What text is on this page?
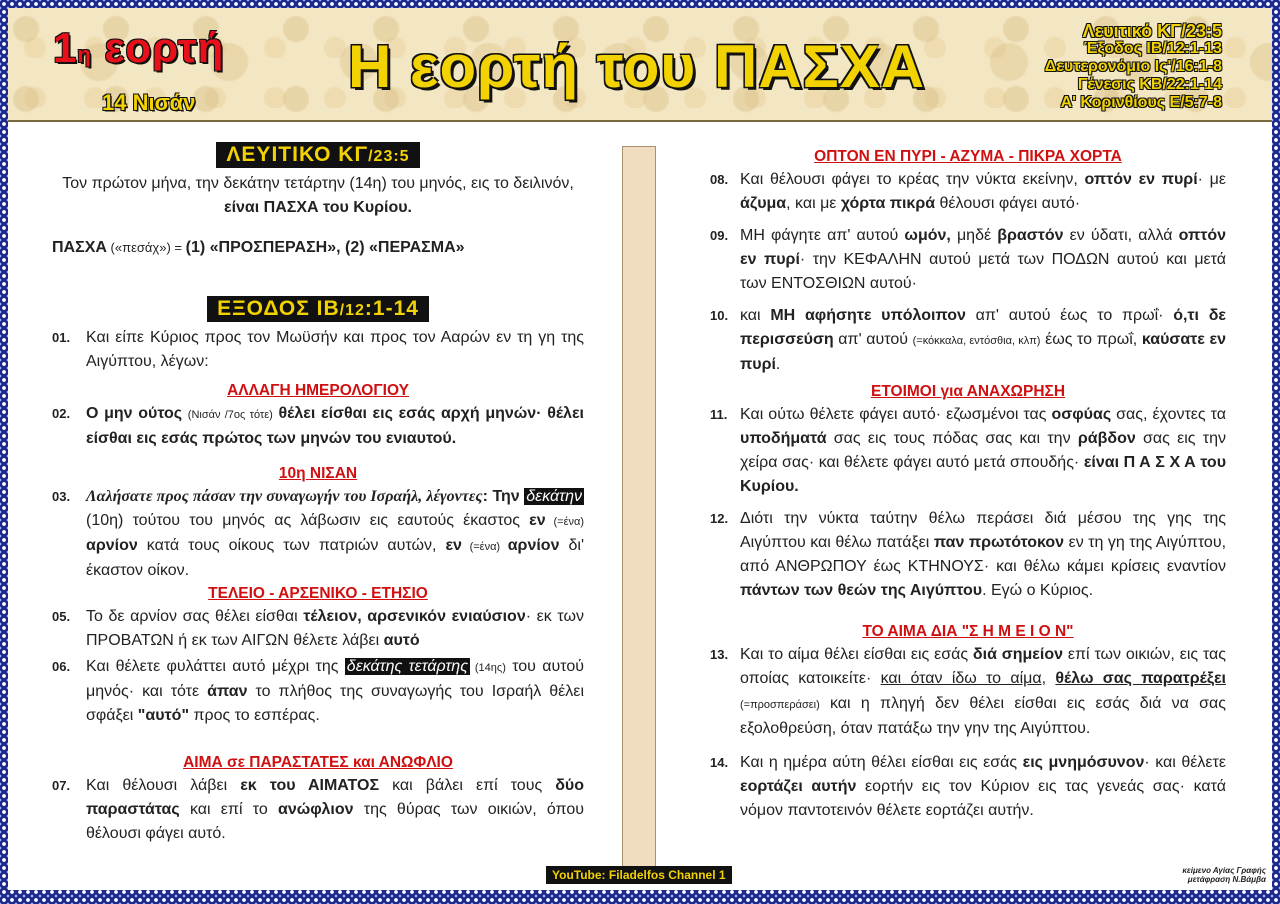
1η εορτή
14 Νισάν
Η εορτή του ΠΑΣΧΑ
Λευιτικό ΚΓ/23:5
Έξοδος ΙΒ/12:1-13
Δευτερονόμιο Ις'/16:1-8
Γένεσις ΚΒ/22:1-14
Α' Κορινθίους Ε/5:7-8
ΛΕΥΙΤΙΚΟ ΚΓ/23:5

Τον πρώτον μήνα, την δεκάτην τετάρτην (14η) του μηνός, εις το δειλινόν, είναι ΠΑΣΧΑ του Κυρίου.

ΠΑΣΧΑ («πεσάχ») = (1) «ΠΡΟΣΠΕΡΑΣΗ», (2) «ΠΕΡΑΣΜΑ»

ΕΞΟΔΟΣ ΙΒ/12:1-14
01. Και είπε Κύριος προς τον Μωϋσήν και προς τον Ααρών εν τη γη της Αιγύπτου, λέγων:
ΑΛΛΑΓΗ ΗΜΕΡΟΛΟΓΙΟΥ
02. Ο μην ούτος (Νισάν /7ος τότε) θέλει είσθαι εις εσάς αρχή μηνών· θέλει είσθαι εις εσάς πρώτος των μηνών του ενιαυτού.
10η ΝΙΣΑΝ
03. Λαλήσατε προς πάσαν την συναγωγήν του Ισραήλ, λέγοντες: Την δεκάτην (10η) τούτου του μηνός ας λάβωσιν εις εαυτούς έκαστος εν (=ένα) αρνίον κατά τους οίκους των πατριών αυτών, εν (=ένα) αρνίον δι' έκαστον οίκον.
ΤΕΛΕΙΟ - ΑΡΣΕΝΙΚΟ - ΕΤΗΣΙΟ
05. Το δε αρνίον σας θέλει είσθαι τέλειον, αρσενικόν ενιαύσιον· εκ των ΠΡΟΒΑΤΩΝ ή εκ των ΑΙΓΩΝ θέλετε λάβει αυτό
06. Και θέλετε φυλάττει αυτό μέχρι της δεκάτης τετάρτης (14ης) του αυτού μηνός· και τότε άπαν το πλήθος της συναγωγής του Ισραήλ θέλει σφάξει "αυτό" προς το εσπέρας.
ΑΙΜΑ σε ΠΑΡΑΣΤΑΤΕΣ και ΑΝΩΦΛΙΟ
07. Και θέλουσι λάβει εκ του ΑΙΜΑΤΟΣ και βάλει επί τους δύο παραστάτας και επί το ανώφλιον της θύρας των οικιών, όπου θέλουσι φάγει αυτό.
ΟΠΤΟΝ ΕΝ ΠΥΡΙ - ΑΖΥΜΑ - ΠΙΚΡΑ ΧΟΡΤΑ
08. Και θέλουσι φάγει το κρέας την νύκτα εκείνην, οπτόν εν πυρί· με άζυμα, και με χόρτα πικρά θέλουσι φάγει αυτό·
09. ΜΗ φάγητε απ' αυτού ωμόν, μηδέ βραστόν εν ύδατι, αλλά οπτόν εν πυρί· την ΚΕΦΑΛΗΝ αυτού μετά των ΠΟΔΩΝ αυτού και μετά των ΕΝΤΟΣΘΙΩΝ αυτού·
10. και ΜΗ αφήσητε υπόλοιπον απ' αυτού έως το πρωΐ· ό,τι δε περισσεύση απ' αυτού (=κόκκαλα, εντόσθια, κλπ) έως το πρωΐ, καύσατε εν πυρί.
ΕΤΟΙΜΟΙ για ΑΝΑΧΩΡΗΣΗ
11. Και ούτω θέλετε φάγει αυτό· εζωσμένοι τας οσφύας σας, έχοντες τα υποδήματά σας εις τους πόδας σας και την ράβδον σας εις την χείρα σας· και θέλετε φάγει αυτό μετά σπουδής· είναι Π Α Σ Χ Α του Κυρίου.
12. Διότι την νύκτα ταύτην θέλω περάσει διά μέσου της γης της Αιγύπτου και θέλω πατάξει παν πρωτότοκον εν τη γη της Αιγύπτου, από ΑΝΘΡΩΠΟΥ έως ΚΤΗΝΟΥΣ· και θέλω κάμει κρίσεις εναντίον πάντων των θεών της Αιγύπτου. Εγώ ο Κύριος.
ΤΟ ΑΙΜΑ ΔΙΑ "Σ Η Μ Ε Ι Ο Ν"
13. Και το αίμα θέλει είσθαι εις εσάς διά σημείον επί των οικιών, εις τας οποίας κατοικείτε· και όταν ίδω το αίμα, θέλω σας παρατρέξει (=προσπεράσει) και η πληγή δεν θέλει είσθαι εις εσάς διά να σας εξολοθρεύση, όταν πατάξω την γην της Αιγύπτου.
14. Και η ημέρα αύτη θέλει είσθαι εις εσάς εις μνημόσυνον· και θέλετε εορτάζει αυτήν εορτήν εις τον Κύριον εις τας γενεάς σας· κατά νόμον παντοτεινόν θέλετε εορτάζει αυτήν.
YouTube: Filadelfos Channel 1	κείμενο Αγίας Γραφής
μετάφραση Ν.Βάμβα
